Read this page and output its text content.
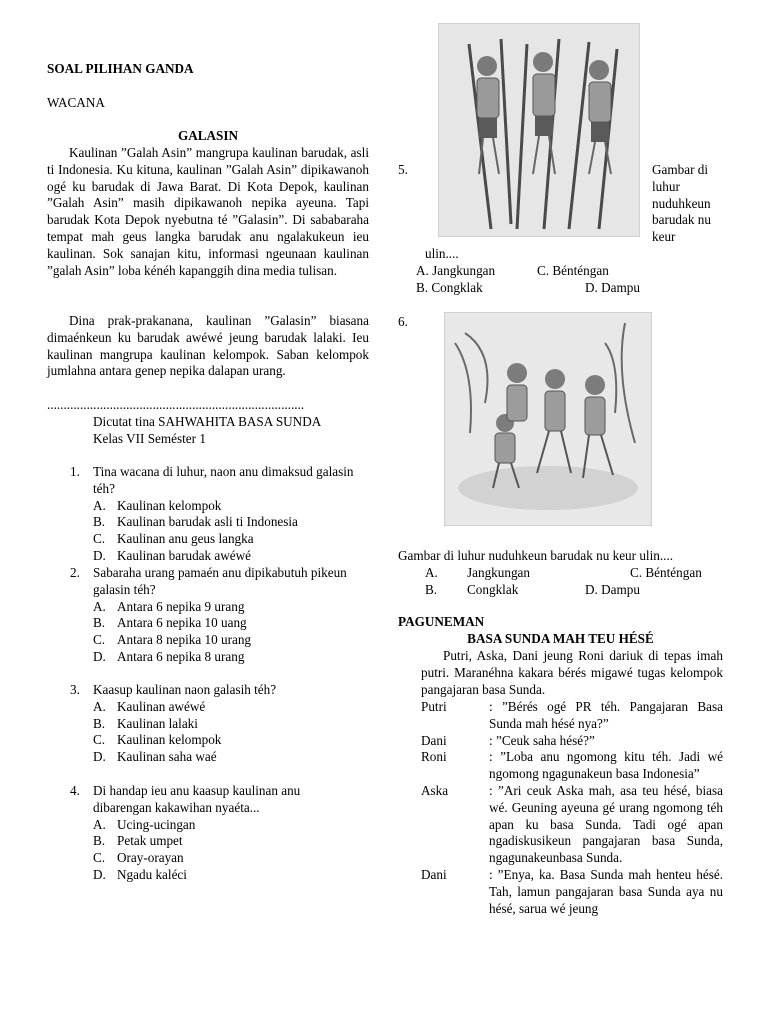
SOAL PILIHAN GANDA
WACANA
GALASIN
Kaulinan ”Galah Asin” mangrupa kaulinan barudak, asli ti Indonesia. Ku kituna, kaulinan ”Galah Asin” dipikawanoh ogé ku barudak di Jawa Barat. Di Kota Depok, kaulinan ”Galah Asin” masih dipikawanoh nepika ayeuna. Tapi barudak Kota Depok nyebutna té ”Galasin”. Di sababaraha tempat mah geus langka barudak anu ngalakukeun ieu kaulinan. Sok sanajan kitu, informasi ngeunaan kaulinan ”galah Asin” loba kénéh kapanggih dina media tulisan.
Dina prak-prakanana, kaulinan ”Galasin” biasana dimaénkeun ku barudak awéwé jeung barudak lalaki. Ieu kaulinan mangrupa kaulinan kelompok. Saban kelompok jumlahna antara genep nepika dalapan urang.
..............................................................................
Dicutat tina SAHWAHITA BASA SUNDA
Kelas VII Seméster 1
1. Tina wacana di luhur, naon anu dimaksud galasin téh?
A. Kaulinan kelompok
B. Kaulinan barudak asli ti Indonesia
C. Kaulinan anu geus langka
D. Kaulinan barudak awéwé
2. Sabaraha urang pamaén anu dipikabutuh pikeun galasin téh?
A. Antara 6 nepika 9 urang
B. Antara 6 nepika 10 uang
C. Antara 8 nepika 10 urang
D. Antara 6 nepika 8 urang
3. Kaasup kaulinan naon galasih téh?
A. Kaulinan awéwé
B. Kaulinan lalaki
C. Kaulinan kelompok
D. Kaulinan saha waé
4. Di handap ieu anu kaasup kaulinan anu dibarengan kakawihan nyaéta...
A. Ucing-ucingan
B. Petak umpet
C. Oray-orayan
D. Ngadu kaléci
5.	Gambar di
luhur
nuduhkeun
barudak nu
keur
ulin....
A. Jangkungan	C. Bénténgan
B. Congklak	D. Dampu
6.
Gambar di luhur nuduhkeun barudak nu keur ulin....
A. Jangkungan	C. Bénténgan
B. Congklak	D. Dampu
PAGUNEMAN
BASA SUNDA MAH TEU HÉSÉ
Putri, Aska, Dani jeung Roni dariuk di tepas imah putri. Maranéhna kakara bérés migawé tugas kelompok pangajaran basa Sunda.
Putri	: ”Bérés ogé PR téh. Pangajaran Basa Sunda mah hésé nya?”
Dani	: ”Ceuk saha hésé?”
Roni	: ”Loba anu ngomong kitu téh. Jadi wé ngomong ngagunakeun basa Indonesia”
Aska	: ”Ari ceuk Aska mah, asa teu hésé, biasa wé. Geuning ayeuna gé urang ngomong téh apan ku basa Sunda. Tadi ogé apan ngadiskusikeun pangajaran basa Sunda, ngagunakeunbasa Sunda.
Dani	: ”Enya, ka. Basa Sunda mah henteu hésé. Tah, lamun pangajaran basa Sunda aya nu hésé, sarua wé jeung
